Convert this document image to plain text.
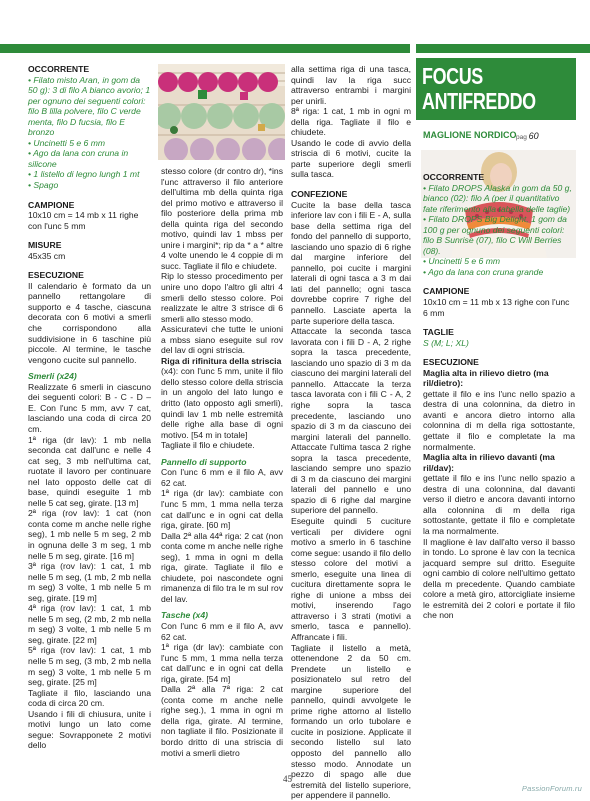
OCCORRENTE

• Filato misto Aran, in gom da 50 g): 3 di filo A bianco avorio; 1 per ognuno dei seguenti colori: filo B lilla polvere, filo C verde menta, filo D fucsia, filo E bronzo

• Uncinetti 5 e 6 mm

• Ago da lana con cruna in silicone

• 1 listello di legno lungh 1 mt

• Spago

CAMPIONE

10x10 cm = 14 mb x 11 righe con l'unc 5 mm

MISURE

45x35 cm

ESECUZIONE

Il calendario è formato da un pannello rettangolare di supporto e 4 tasche, ciascuna decorata con 6 motivi a smerli che corrispondono alla suddivisione in 6 taschine più piccole. Al termine, le tasche vengono cucite sul pannello.

Smerli (x24)

Realizzate 6 smerli in ciascuno dei seguenti colori: B - C - D – E. Con l'unc 5 mm, avv 7 cat, lasciando una coda di circa 20 cm.

1ª riga (dr lav): 1 mb nella seconda cat dall'unc e nelle 4 cat seg, 3 mb nell'ultima cat, ruotate il lavoro per continuare nel lato opposto delle cat di base, quindi eseguite 1 mb nelle 5 cat seg, girate. [13 m]

2ª riga (rov lav): 1 cat (non conta come m anche nelle righe seg), 1 mb nelle 5 m seg, 2 mb in ognuna delle 3 m seg, 1 mb nelle 5 m seg, girate. [16 m]

3ª riga (rov lav): 1 cat, 1 mb nelle 5 m seg, (1 mb, 2 mb nella m seg) 3 volte, 1 mb nelle 5 m seg, girate. [19 m]

4ª riga (rov lav): 1 cat, 1 mb nelle 5 m seg, (2 mb, 2 mb nella m seg) 3 volte, 1 mb nelle 5 m seg, girate. [22 m]

5ª riga (rov lav): 1 cat, 1 mb nelle 5 m seg, (3 mb, 2 mb nella m seg) 3 volte, 1 mb nelle 5 m seg, girate. [25 m]

Tagliate il filo, lasciando una coda di circa 20 cm.

Usando i fili di chiusura, unite i motivi lungo un lato come segue: Sovrapponete 2 motivi dello

stesso colore (dr contro dr), *ins l'unc attraverso il filo anteriore dell'ultima mb della quinta riga del primo motivo e attraverso il filo posteriore della prima mb della quinta riga del secondo motivo, quindi lav 1 mbss per unire i margini*; rip da * a * altre 4 volte unendo le 4 coppie di m succ. Tagliate il filo e chiudete.

Rip lo stesso procedimento per unire uno dopo l'altro gli altri 4 smerli dello stesso colore. Poi realizzate le altre 3 strisce di 6 smerli allo stesso modo.

Assicuratevi che tutte le unioni a mbss siano eseguite sul rov del lav di ogni striscia.

Riga di rifinitura della striscia

(x4): con l'unc 5 mm, unite il filo dello stesso colore della striscia in un angolo del lato lungo e dritto (lato opposto agli smerli), quindi lav 1 mb nelle estremità delle righe alla base di ogni motivo. [54 m in totale]

Tagliate il filo e chiudete.

Pannello di supporto

Con l'unc 6 mm e il filo A, avv 62 cat.

1ª riga (dr lav): cambiate con l'unc 5 mm, 1 mma nella terza cat dall'unc e in ogni cat della riga, girate. [60 m]

Dalla 2ª alla 44ª riga: 2 cat (non conta come m anche nelle righe seg), 1 mma in ogni m della riga, girate. Tagliate il filo e chiudete, poi nascondete ogni rimanenza di filo tra le m sul rov del lav.

Tasche (x4)

Con l'unc 6 mm e il filo A, avv 62 cat.

1ª riga (dr lav): cambiate con l'unc 5 mm, 1 mma nella terza cat dall'unc e in ogni cat della riga, girate. [54 m]

Dalla 2ª alla 7ª riga: 2 cat (conta come m anche nelle righe seg.), 1 mma in ogni m della riga, girate. Al termine, non tagliate il filo. Posizionate il bordo dritto di una striscia di motivi a smerli dietro

alla settima riga di una tasca, quindi lav la riga succ attraverso entrambi i margini per unirli.

8ª riga: 1 cat, 1 mb in ogni m della riga. Tagliate il filo e chiudete.

Usando le code di avvio della striscia di 6 motivi, cucite la parte superiore degli smerli sulla tasca.

CONFEZIONE

Cucite la base della tasca inferiore lav con i fili E - A, sulla base della settima riga del fondo del pannello di supporto, lasciando uno spazio di 6 righe dal margine inferiore del pannello, poi cucite i margini laterali di ogni tasca a 3 m dai lati del pannello; ogni tasca dovrebbe coprire 7 righe del pannello. Lasciate aperta la parte superiore della tasca.

Attaccate la seconda tasca lavorata con i fili D - A, 2 righe sopra la tasca precedente, lasciando uno spazio di 3 m da ciascuno dei margini laterali del pannello. Attaccate la terza tasca lavorata con i fili C - A, 2 righe sopra la tasca precedente, lasciando uno spazio di 3 m da ciascuno dei margini laterali del pannello. Attaccate l'ultima tasca 2 righe sopra la tasca precedente, lasciando sempre uno spazio di 3 m da ciascuno dei margini laterali del pannello e uno spazio di 6 righe dal margine superiore del pannello.

Eseguite quindi 5 cuciture verticali per dividere ogni motivo a smerlo in 6 taschine come segue: usando il filo dello stesso colore del motivi a smerlo, eseguite una linea di cucitura direttamente sopra le righe di unione a mbss dei motivi, inserendo l'ago attraverso i 3 strati (motivi a smerlo, tasca e pannello). Affrancate i fili.

Tagliate il listello a metà, ottenendone 2 da 50 cm. Prendete un listello e posizionatelo sul retro del margine superiore del pannello, quindi avvolgete le prime righe attorno al listello formando un orlo tubolare e cucite in posizione. Applicate il secondo listello sul lato opposto del pannello allo stesso modo. Annodate un pezzo di spago alle due estremità del listello superiore, per appendere il pannello.

FOCUS ANTIFREDDO
MAGLIONE NORDICO pag 60

OCCORRENTE

• Filato DROPS Alaska in gom da 50 g, bianco (02): filo A (per il quantitativo fate riferimento alla tabella delle taglie)

• Filato DROPS Big Delight, 1 gom da 100 g per ognuno dei seguenti colori: filo B Sunrise (07), filo C Will Berries (08).

• Uncinetti 5 e 6 mm

• Ago da lana con cruna grande

CAMPIONE

10x10 cm = 11 mb x 13 righe con l'unc 6 mm

TAGLIE

S (M; L; XL)

ESECUZIONE

Maglia alta in rilievo dietro (ma ril/dietro):

gettate il filo e ins l'unc nello spazio a destra di una colonnina, da dietro in avanti e ancora dietro intorno alla colonnina di m della riga sottostante, gettate il filo e completate la ma normalmente.

Maglia alta in rilievo davanti (ma ril/dav):

gettate il filo e ins l'unc nello spazio a destra di una colonnina, dal davanti verso il dietro e ancora davanti intorno alla colonnina di m della riga sottostante, gettate il filo e completate la ma normalmente.

Il maglione è lav dall'alto verso il basso in tondo. Lo sprone è lav con la tecnica jacquard sempre sul dritto. Eseguite ogni cambio di colore nell'ultimo gettato della m precedente. Quando cambiate colore a metà giro, attorcigliate insieme le estremità dei 2 colori e portate il filo che non

45
PassionForum.ru
